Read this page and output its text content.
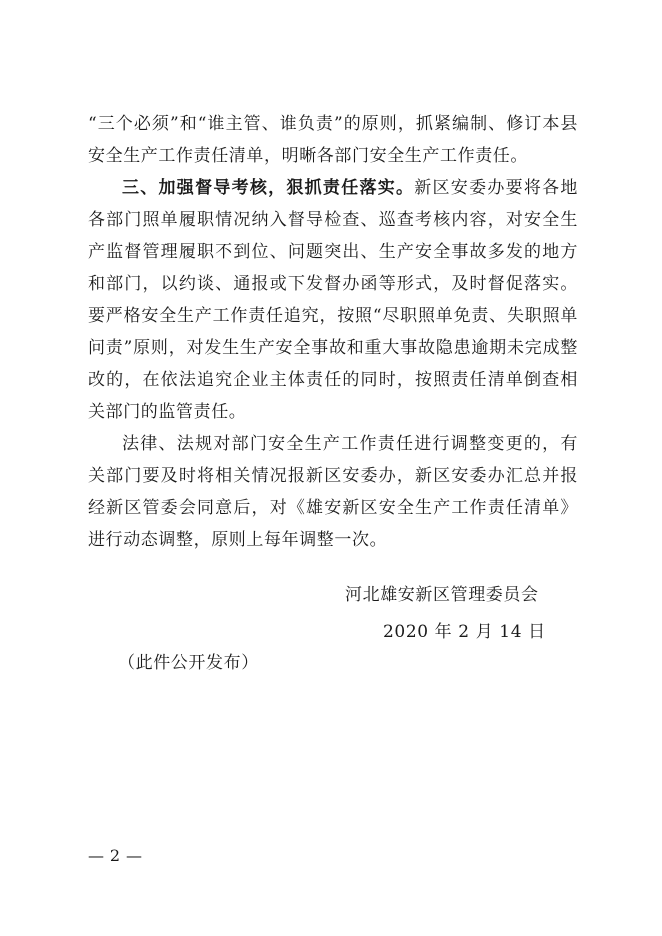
“三个必须”和“谁主管、谁负责”的原则，抓紧编制、修订本县安全生产工作责任清单，明晰各部门安全生产工作责任。

三、加强督导考核，狠抓责任落实。新区安委办要将各地各部门照单履职情况纳入督导检查、巡查考核内容，对安全生产监督管理履职不到位、问题突出、生产安全事故多发的地方和部门，以约谈、通报或下发督办函等形式，及时督促落实。要严格安全生产工作责任追究，按照“尽职照单免责、失职照单问责”原则，对发生生产安全事故和重大事故隐患逾期未完成整改的，在依法追究企业主体责任的同时，按照责任清单倒查相关部门的监管责任。

法律、法规对部门安全生产工作责任进行调整变更的，有关部门要及时将相关情况报新区安委办，新区安委办汇总并报经新区管委会同意后，对《雄安新区安全生产工作责任清单》进行动态调整，原则上每年调整一次。

河北雄安新区管理委员会
2020 年 2 月 14 日
（此件公开发布）
— 2 —
